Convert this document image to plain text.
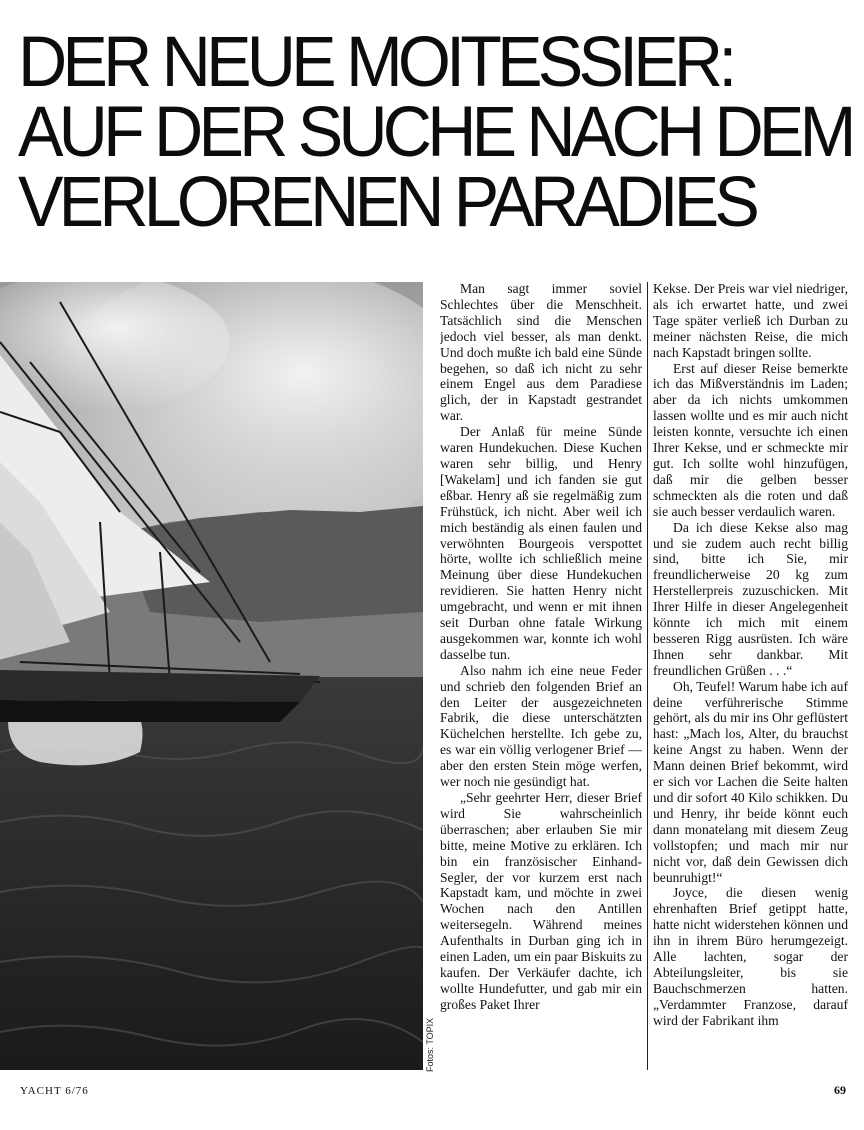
DER NEUE MOITESSIER:
AUF DER SUCHE NACH DEM
VERLORENEN PARADIES
Fotos: TOPIX

Man sagt immer soviel Schlechtes über die Menschheit. Tatsächlich sind die Menschen jedoch viel besser, als man denkt. Und doch mußte ich bald eine Sünde begehen, so daß ich nicht zu sehr einem Engel aus dem Paradiese glich, der in Kapstadt gestrandet war.

Der Anlaß für meine Sünde waren Hundekuchen. Diese Kuchen waren sehr billig, und Henry [Wakelam] und ich fanden sie gut eßbar. Henry aß sie regelmäßig zum Frühstück, ich nicht. Aber weil ich mich beständig als einen faulen und verwöhnten Bourgeois verspottet hörte, wollte ich schließlich meine Meinung über diese Hundekuchen revidieren. Sie hatten Henry nicht umgebracht, und wenn er mit ihnen seit Durban ohne fatale Wirkung ausgekommen war, konnte ich wohl dasselbe tun.

Also nahm ich eine neue Feder und schrieb den folgenden Brief an den Leiter der ausgezeichneten Fabrik, die diese unterschätzten Küchelchen herstellte. Ich gebe zu, es war ein völlig verlogener Brief — aber den ersten Stein möge werfen, wer noch nie gesündigt hat.

„Sehr geehrter Herr, dieser Brief wird Sie wahrscheinlich überraschen; aber erlauben Sie mir bitte, meine Motive zu erklären. Ich bin ein französischer Einhand-Segler, der vor kurzem erst nach Kapstadt kam, und möchte in zwei Wochen nach den Antillen weitersegeln. Während meines Aufenthalts in Durban ging ich in einen Laden, um ein paar Biskuits zu kaufen. Der Verkäufer dachte, ich wollte Hundefutter, und gab mir ein großes Paket Ihrer

Kekse. Der Preis war viel niedriger, als ich erwartet hatte, und zwei Tage später verließ ich Durban zu meiner nächsten Reise, die mich nach Kapstadt bringen sollte.

Erst auf dieser Reise bemerkte ich das Mißverständnis im Laden; aber da ich nichts umkommen lassen wollte und es mir auch nicht leisten konnte, versuchte ich einen Ihrer Kekse, und er schmeckte mir gut. Ich sollte wohl hinzufügen, daß mir die gelben besser schmeckten als die roten und daß sie auch besser verdaulich waren.

Da ich diese Kekse also mag und sie zudem auch recht billig sind, bitte ich Sie, mir freundlicherweise 20 kg zum Herstellerpreis zuzuschicken. Mit Ihrer Hilfe in dieser Angelegenheit könnte ich mich mit einem besseren Rigg ausrüsten. Ich wäre Ihnen sehr dankbar. Mit freundlichen Grüßen . . .“

Oh, Teufel! Warum habe ich auf deine verführerische Stimme gehört, als du mir ins Ohr geflüstert hast: „Mach los, Alter, du brauchst keine Angst zu haben. Wenn der Mann deinen Brief bekommt, wird er sich vor Lachen die Seite halten und dir sofort 40 Kilo schikken. Du und Henry, ihr beide könnt euch dann monatelang mit diesem Zeug vollstopfen; und mach mir nur nicht vor, daß dein Gewissen dich beunruhigt!“

Joyce, die diesen wenig ehrenhaften Brief getippt hatte, hatte nicht widerstehen können und ihn in ihrem Büro herumgezeigt. Alle lachten, sogar der Abteilungsleiter, bis sie Bauchschmerzen hatten. „Verdammter Franzose, darauf wird der Fabrikant ihm

YACHT 6/76	69
